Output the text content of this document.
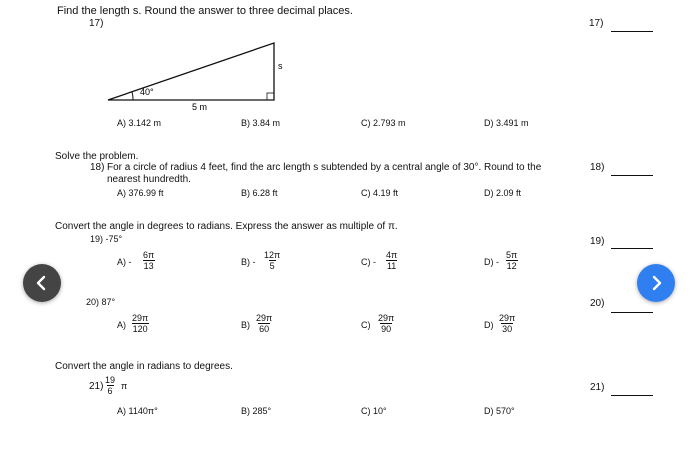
Find the length s. Round the answer to three decimal places.
17)	17)
40°
5 m
s
A) 3.142 m	B) 3.84 m	C) 2.793 m	D) 3.491 m
Solve the problem.
18) For a circle of radius 4 feet, find the arc length s subtended by a central angle of 30°. Round to the
nearest hundredth.
18)
A) 376.99 ft	B) 6.28 ft	C) 4.19 ft	D) 2.09 ft
Convert the angle in degrees to radians. Express the answer as multiple of π.
19) -75°	19)
$A) - \frac{6\pi}{13}$	$B) - \frac{12\pi}{5}$	$C) - \frac{4\pi}{11}$	$D) - \frac{5\pi}{12}$
20) 87°	20)
$A) \frac{29\pi}{120}$	$B) \frac{29\pi}{60}$	$C) \frac{29\pi}{90}$	$D) \frac{29\pi}{30}$
Convert the angle in radians to degrees.
$21) \frac{19}{6}$ π	21)
A) 1140π°	B) 285°	C) 10°	D) 570°
